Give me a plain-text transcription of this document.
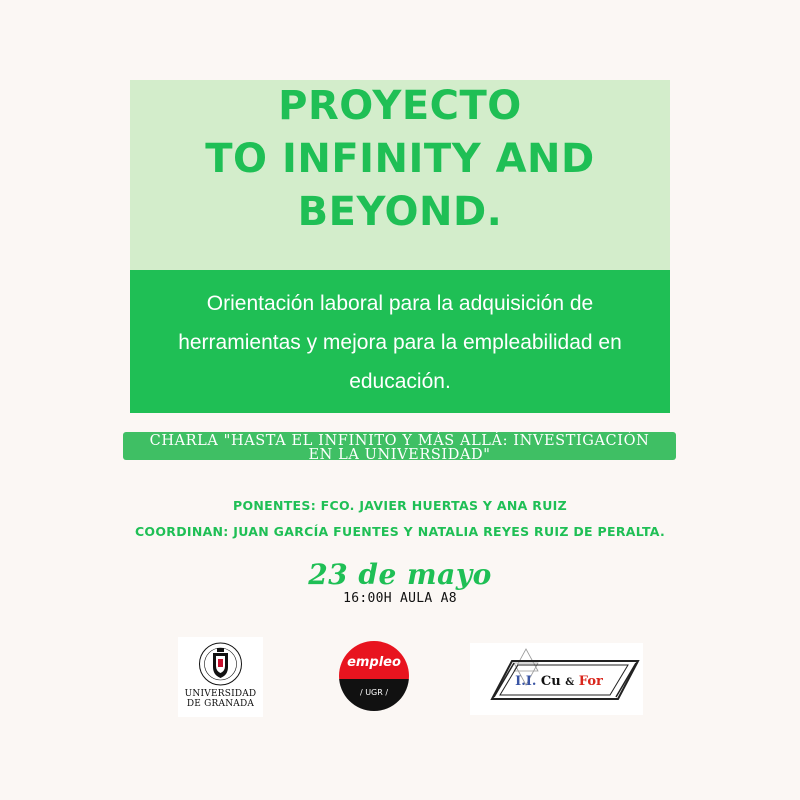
PROYECTO
TO INFINITY AND
BEYOND.
Orientación laboral para la adquisición de
herramientas y mejora para la empleabilidad en
educación.
CHARLA "HASTA EL INFINITO Y MÁS ALLÁ: INVESTIGACIÓN
EN LA UNIVERSIDAD"
PONENTES: FCO. JAVIER HUERTAS Y ANA RUIZ
COORDINAN: JUAN GARCÍA FUENTES Y NATALIA REYES RUIZ DE PERALTA.
23 de mayo
16:00H AULA A8
UNIVERSIDAD
DE GRANADA
empleo
/ UGR /
I.I. Cu & For
